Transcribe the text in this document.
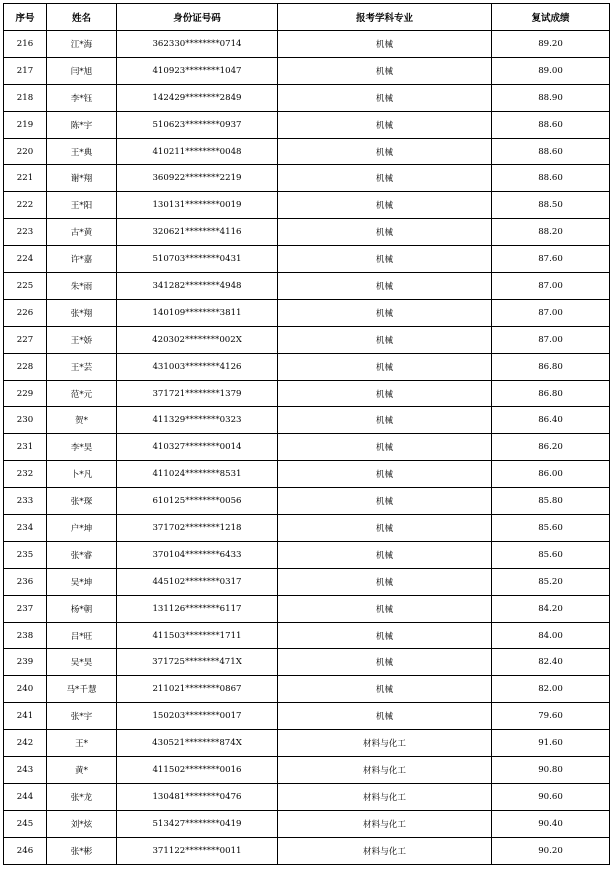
序号	姓名	身份证号码	报考学科专业	复试成绩
216	江*海	362330********0714	机械	89.20
217	闫*旭	410923********1047	机械	89.00
218	李*钰	142429********2849	机械	88.90
219	陈*宇	510623********0937	机械	88.60
220	王*典	410211********0048	机械	88.60
221	谢*翔	360922********2219	机械	88.60
222	王*阳	130131********0019	机械	88.50
223	古*黄	320621********4116	机械	88.20
224	许*嘉	510703********0431	机械	87.60
225	朱*雨	341282********4948	机械	87.00
226	张*翔	140109********3811	机械	87.00
227	王*娇	420302********002X	机械	87.00
228	王*芸	431003********4126	机械	86.80
229	范*元	371721********1379	机械	86.80
230	贺*	411329********0323	机械	86.40
231	李*昊	410327********0014	机械	86.20
232	卜*凡	411024********8531	机械	86.00
233	张*琛	610125********0056	机械	85.80
234	户*坤	371702********1218	机械	85.60
235	张*睿	370104********6433	机械	85.60
236	吴*坤	445102********0317	机械	85.20
237	杨*朝	131126********6117	机械	84.20
238	吕*旺	411503********1711	机械	84.00
239	吴*昊	371725********471X	机械	82.40
240	马*千慧	211021********0867	机械	82.00
241	张*宇	150203********0017	机械	79.60
242	王*	430521********874X	材料与化工	91.60
243	黄*	411502********0016	材料与化工	90.80
244	张*龙	130481********0476	材料与化工	90.60
245	刘*炫	513427********0419	材料与化工	90.40
246	张*彬	371122********0011	材料与化工	90.20
